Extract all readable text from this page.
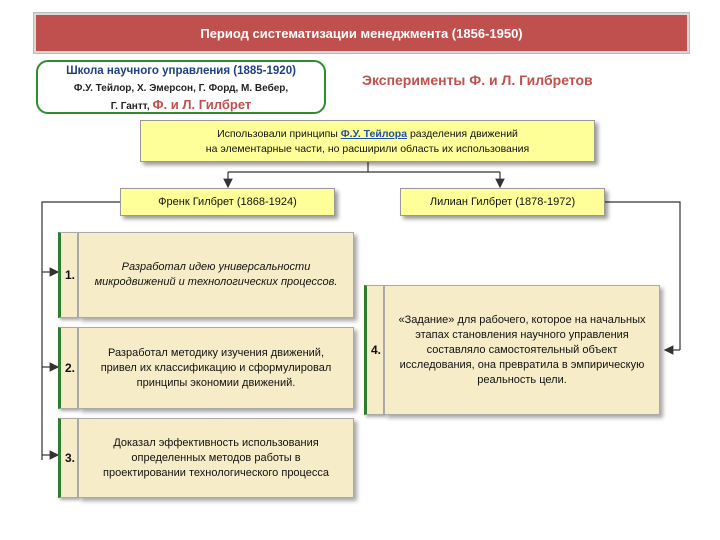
Период систематизации менеджмента (1856-1950)
Школа научного управления (1885-1920)
Ф.У. Тейлор, Х. Эмерсон, Г. Форд, М. Вебер,
Г. Гантт, Ф. и Л. Гилбрет
Эксперименты Ф. и Л. Гилбретов
Использовали принципы Ф.У. Тейлора разделения движений
на элементарные части, но расширили область их использования
Френк Гилбрет (1868-1924)	Лилиан Гилбрет (1878-1972)
1.
Разработал идею универсальности микродвижений и технологических процессов.
2.
Разработал методику изучения движений, привел их классификацию и сформулировал принципы экономии движений.
3.
Доказал эффективность использования определенных методов работы в проектировании технологического процесса
4.
«Задание» для рабочего, которое на начальных этапах становления научного управления составляло самостоятельный объект исследования, она превратила в эмпирическую реальность цели.
